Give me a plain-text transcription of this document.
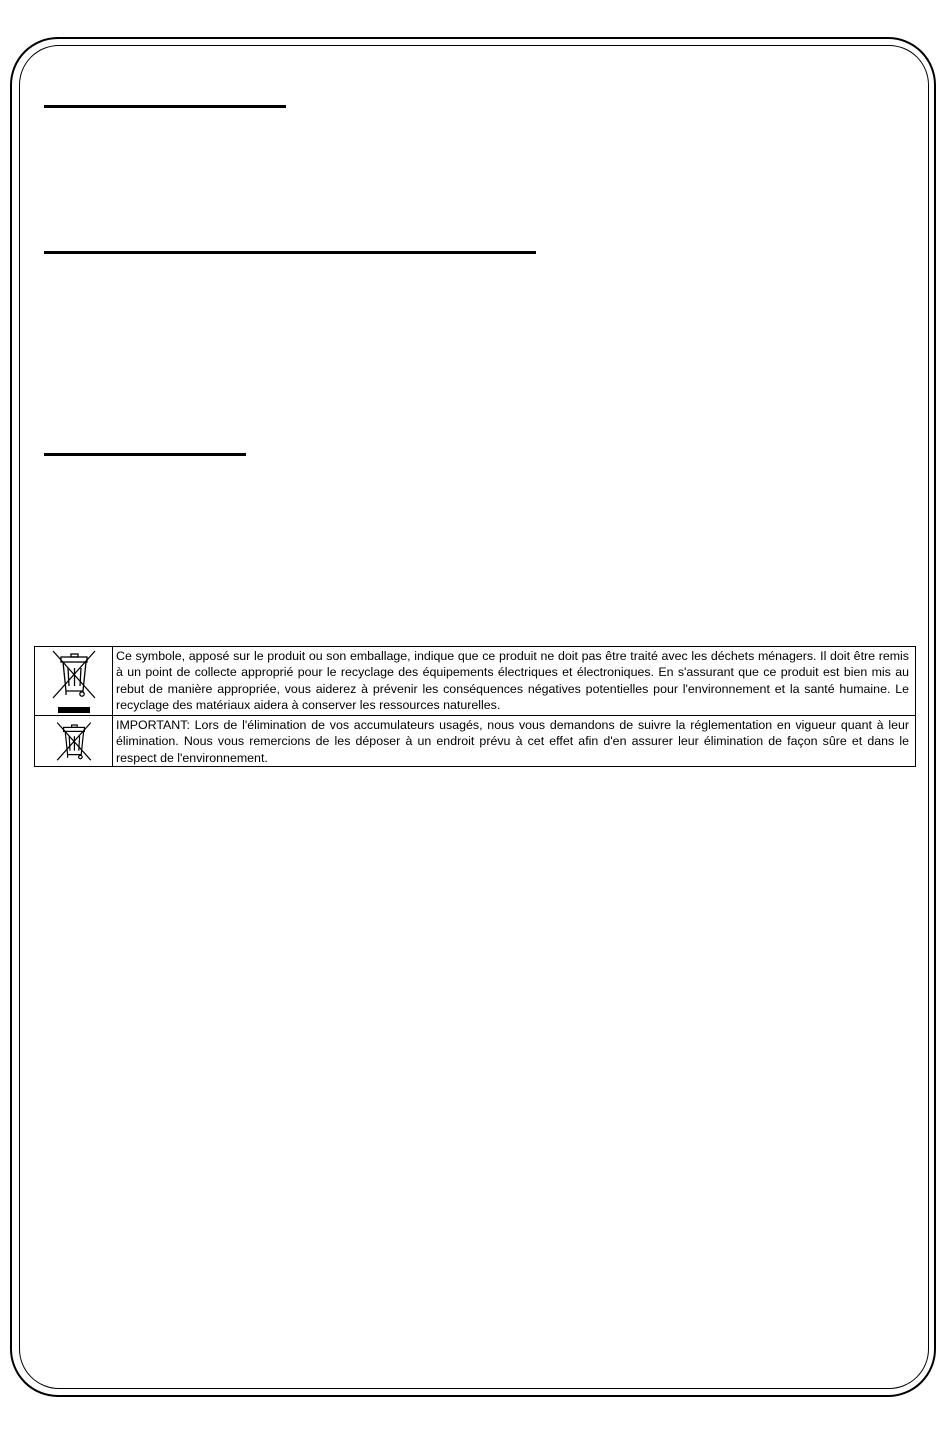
	Ce symbole, apposé sur le produit ou son emballage, indique que ce produit ne doit pas être traité avec les déchets ménagers. Il doit être remis à un point de collecte approprié pour le recyclage des équipements électriques et électroniques. En s'assurant que ce produit est bien mis au rebut de manière appropriée, vous aiderez à prévenir les conséquences négatives potentielles pour l'environnement et la santé humaine. Le recyclage des matériaux aidera à conserver les ressources naturelles.

	IMPORTANT: Lors de l'élimination de vos accumulateurs usagés, nous vous demandons de suivre la réglementation en vigueur quant à leur élimination. Nous vous remercions de les déposer à un endroit prévu à cet effet afin d'en assurer leur élimination de façon sûre et dans le respect de l'environnement.
